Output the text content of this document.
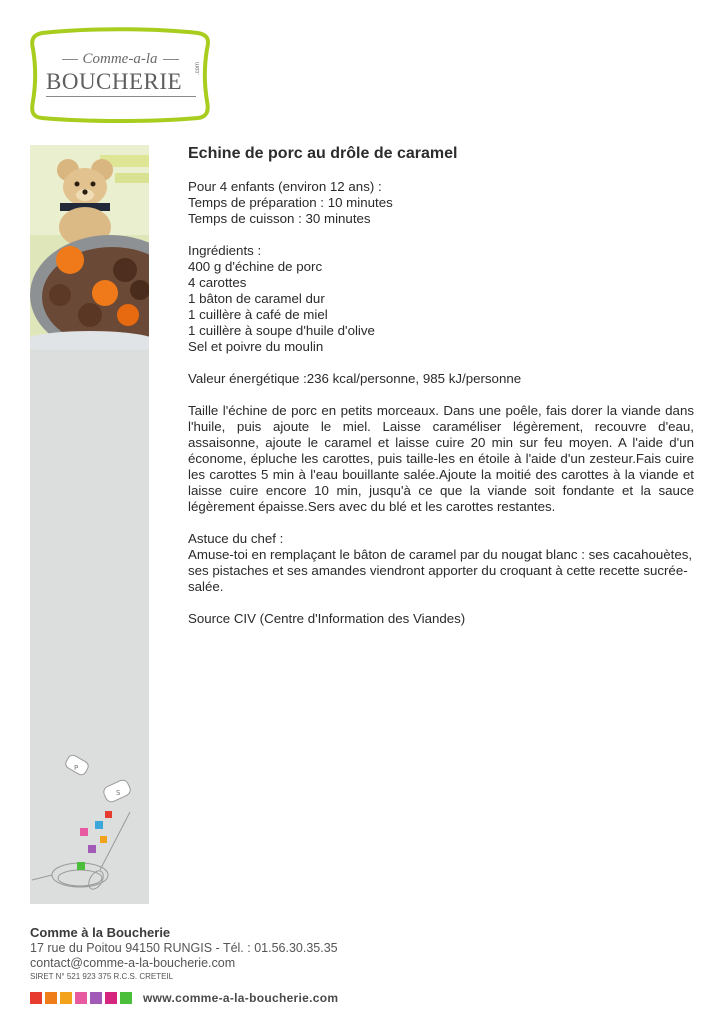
Comme-a-la
BOUCHERIE
.com
P
S
Echine de porc au drôle de caramel
Pour 4 enfants (environ 12 ans) :
Temps de préparation : 10 minutes
Temps de cuisson : 30 minutes
Ingrédients :
400 g d'échine de porc
4 carottes
1 bâton de caramel dur
1 cuillère à café de miel
1 cuillère à soupe d'huile d'olive
Sel et poivre du moulin
Valeur énergétique :236 kcal/personne, 985 kJ/personne
Taille l'échine de porc en petits morceaux. Dans une poêle, fais dorer la viande dans l'huile, puis ajoute le miel. Laisse caraméliser légèrement, recouvre d'eau, assaisonne, ajoute le caramel et laisse cuire 20 min sur feu moyen. A l'aide d'un économe, épluche les carottes, puis taille-les en étoile à l'aide d'un zesteur.Fais cuire les carottes 5 min à l'eau bouillante salée.Ajoute la moitié des carottes à la viande et laisse cuire encore 10 min, jusqu'à ce que la viande soit fondante et la sauce légèrement épaisse.Sers avec du blé et les carottes restantes.
Astuce du chef :
Amuse-toi en remplaçant le bâton de caramel par du nougat blanc : ses cacahouètes, ses pistaches et ses amandes viendront apporter du croquant à cette recette sucrée-salée.
Source CIV (Centre d'Information des Viandes)
Comme à la Boucherie
17 rue du Poitou 94150 RUNGIS - Tél. : 01.56.30.35.35
contact@comme-a-la-boucherie.com
SIRET N° 521 923 375 R.C.S. CRETEIL
www.comme-a-la-boucherie.com
